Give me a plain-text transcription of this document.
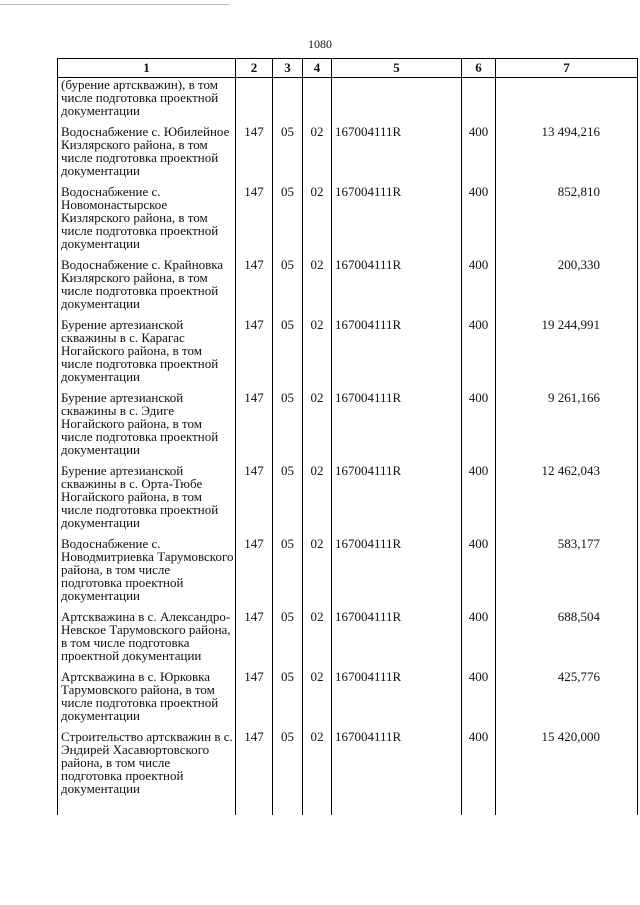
1080
1	2	3	4	5	6	7
(бурение артскважин), в том числе подготовка проектной документации						
Водоснабжение с. Юбилейное Кизлярского района, в том числе подготовка проектной документации	147	05	02	167004111R	400	13 494,216
Водоснабжение с. Новомонастырское Кизлярского района, в том числе подготовка проектной документации	147	05	02	167004111R	400	852,810
Водоснабжение с. Крайновка Кизлярского района, в том числе подготовка проектной документации	147	05	02	167004111R	400	200,330
Бурение артезианской скважины в с. Карагас Ногайского района, в том числе подготовка проектной документации	147	05	02	167004111R	400	19 244,991
Бурение артезианской скважины в с. Эдиге Ногайского района, в том числе подготовка проектной документации	147	05	02	167004111R	400	9 261,166
Бурение артезианской скважины в с. Орта-Тюбе Ногайского района, в том числе подготовка проектной документации	147	05	02	167004111R	400	12 462,043
Водоснабжение с. Новодмитриевка Тарумовского района, в том числе подготовка проектной документации	147	05	02	167004111R	400	583,177
Артскважина в с. Александро-Невское Тарумовского района, в том числе подготовка проектной документации	147	05	02	167004111R	400	688,504
Артскважина в с. Юрковка Тарумовского района, в том числе подготовка проектной документации	147	05	02	167004111R	400	425,776
Строительство артскважин в с. Эндирей Хасавюртовского района, в том числе подготовка проектной документации	147	05	02	167004111R	400	15 420,000
